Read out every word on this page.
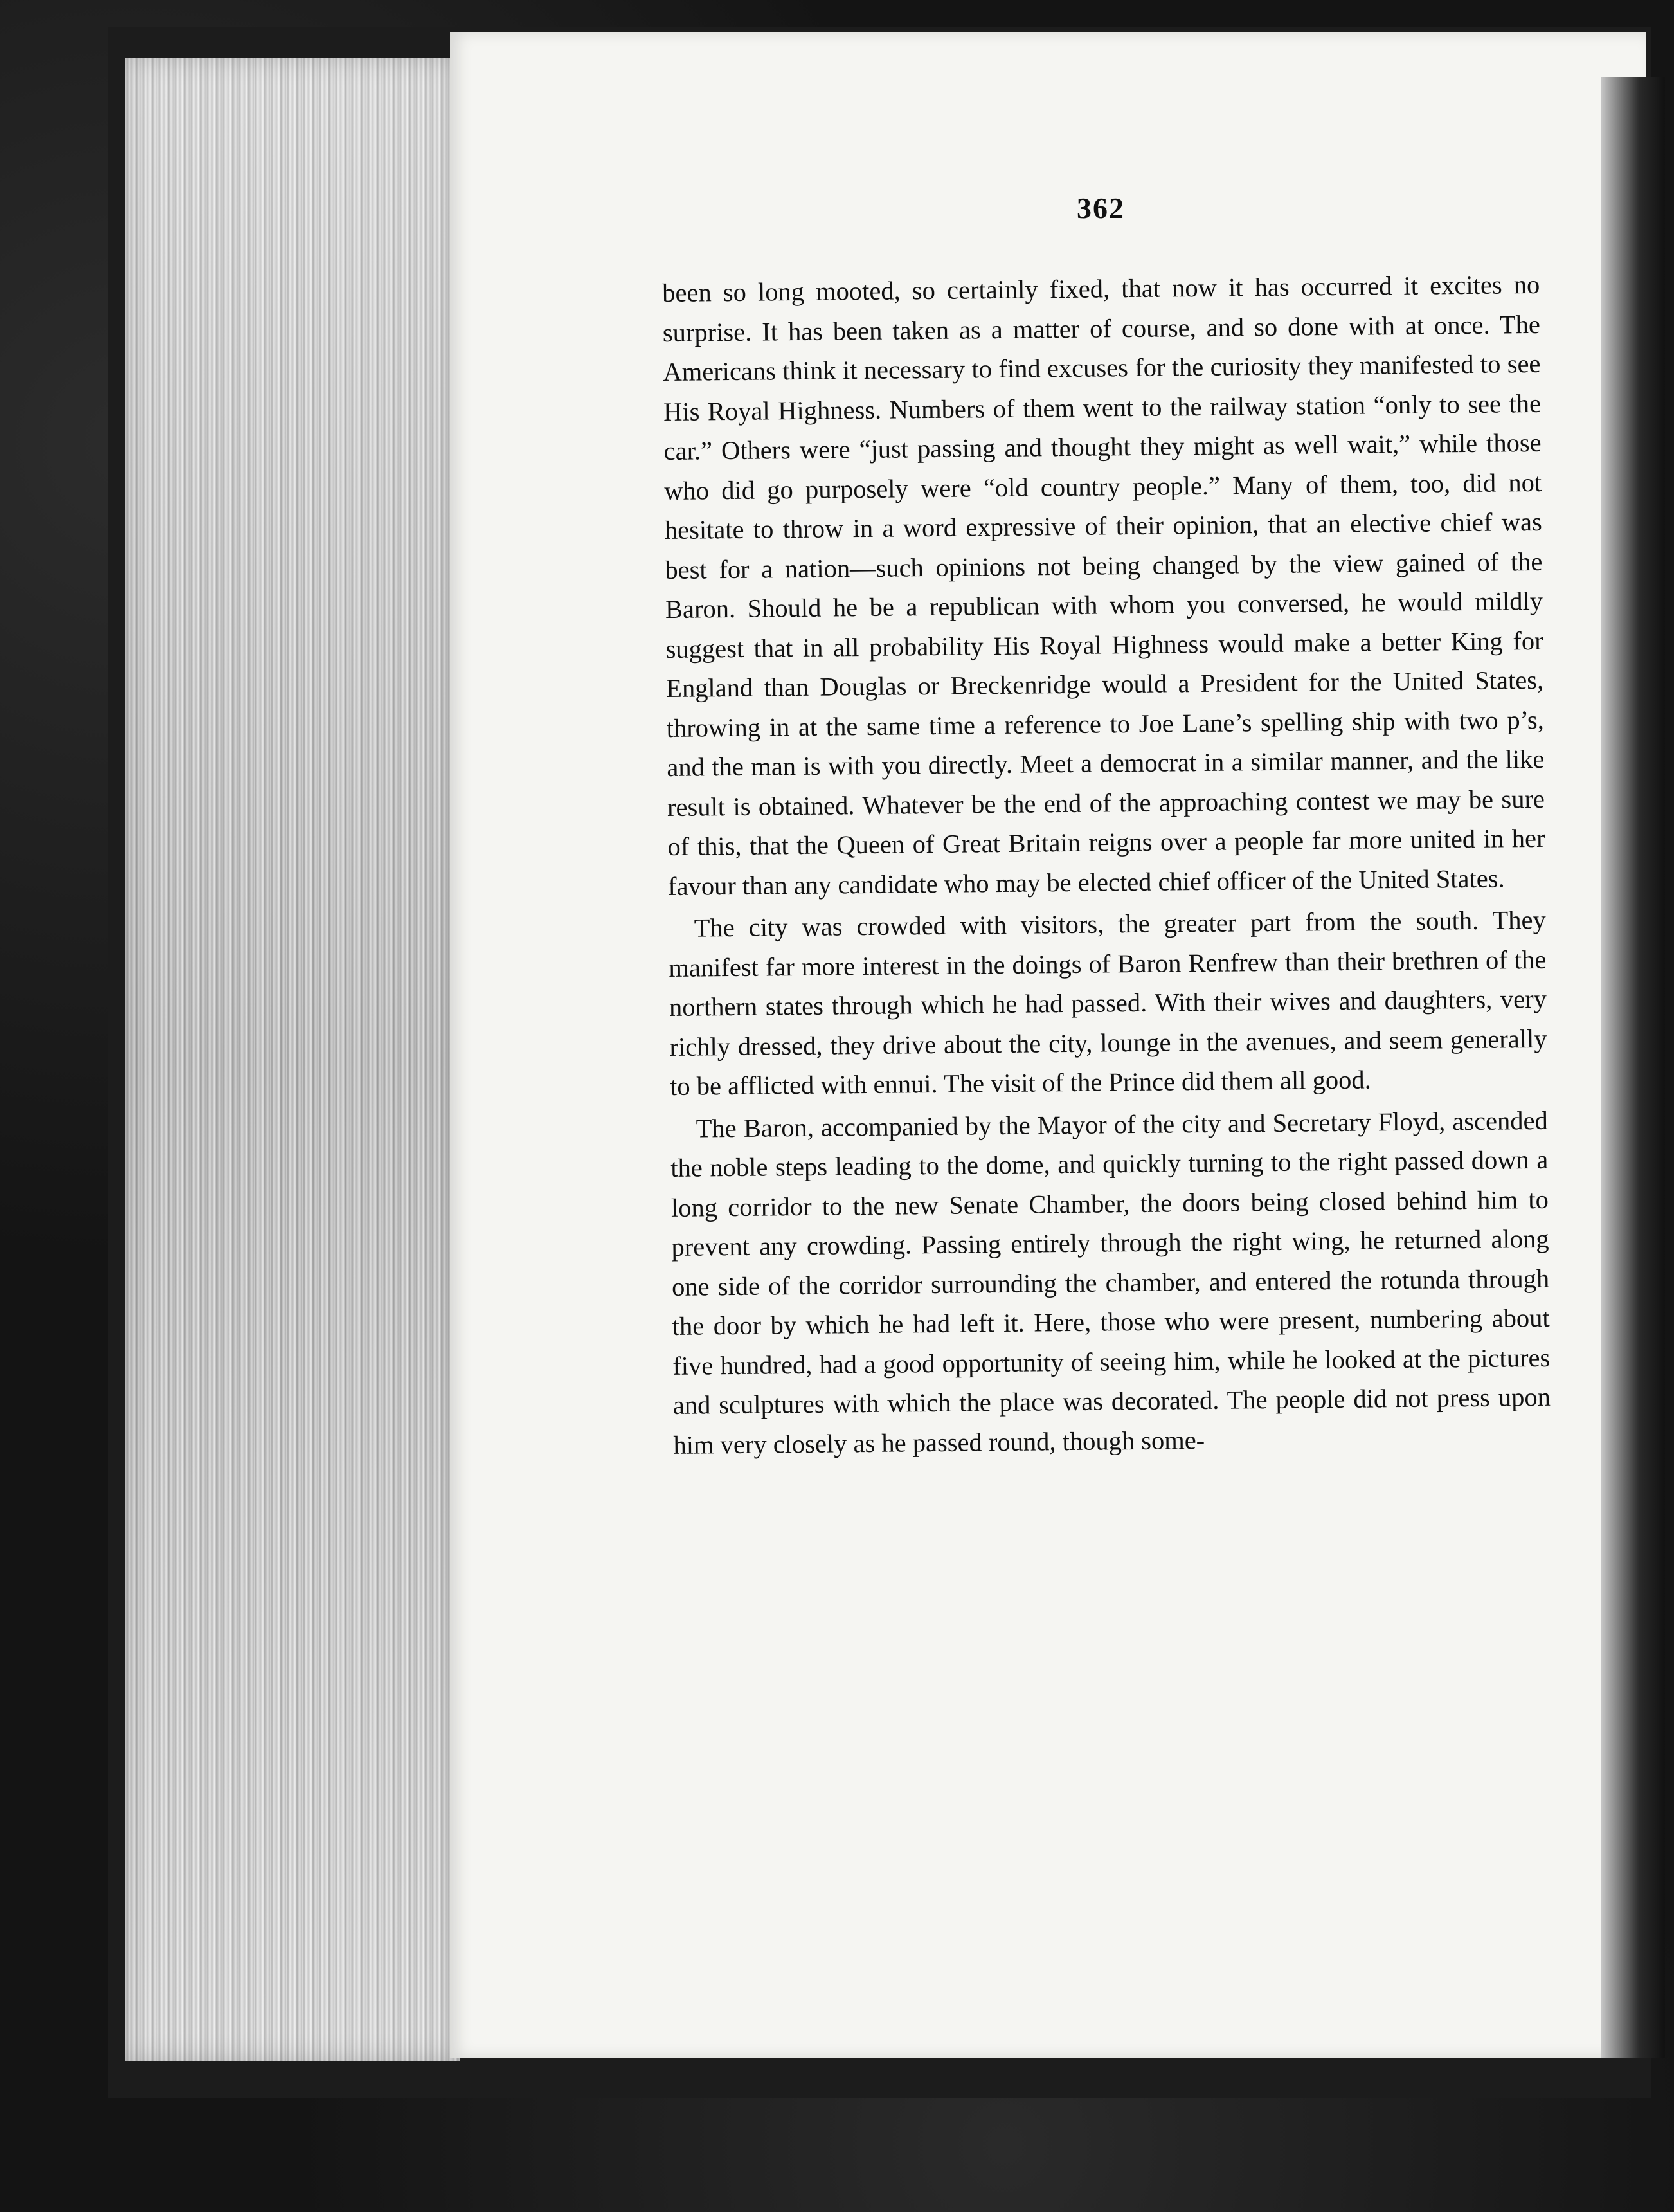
362

been so long mooted, so certainly fixed, that now it has occurred it excites no surprise. It has been taken as a matter of course, and so done with at once. The Americans think it necessary to find excuses for the curiosity they manifested to see His Royal Highness. Numbers of them went to the railway station “only to see the car.” Others were “just passing and thought they might as well wait,” while those who did go purposely were “old country people.” Many of them, too, did not hesitate to throw in a word expressive of their opinion, that an elective chief was best for a nation—such opinions not being changed by the view gained of the Baron. Should he be a republican with whom you conversed, he would mildly suggest that in all probability His Royal Highness would make a better King for England than Douglas or Breckenridge would a President for the United States, throwing in at the same time a reference to Joe Lane’s spelling ship with two p’s, and the man is with you directly. Meet a democrat in a similar manner, and the like result is obtained. Whatever be the end of the approaching contest we may be sure of this, that the Queen of Great Britain reigns over a people far more united in her favour than any candidate who may be elected chief officer of the United States.

The city was crowded with visitors, the greater part from the south. They manifest far more interest in the doings of Baron Renfrew than their brethren of the northern states through which he had passed. With their wives and daughters, very richly dressed, they drive about the city, lounge in the avenues, and seem generally to be afflicted with ennui. The visit of the Prince did them all good.

The Baron, accompanied by the Mayor of the city and Secretary Floyd, ascended the noble steps leading to the dome, and quickly turning to the right passed down a long corridor to the new Senate Chamber, the doors being closed behind him to prevent any crowding. Passing entirely through the right wing, he returned along one side of the corridor surrounding the chamber, and entered the rotunda through the door by which he had left it. Here, those who were present, numbering about five hundred, had a good opportunity of seeing him, while he looked at the pictures and sculptures with which the place was decorated. The people did not press upon him very closely as he passed round, though some-
